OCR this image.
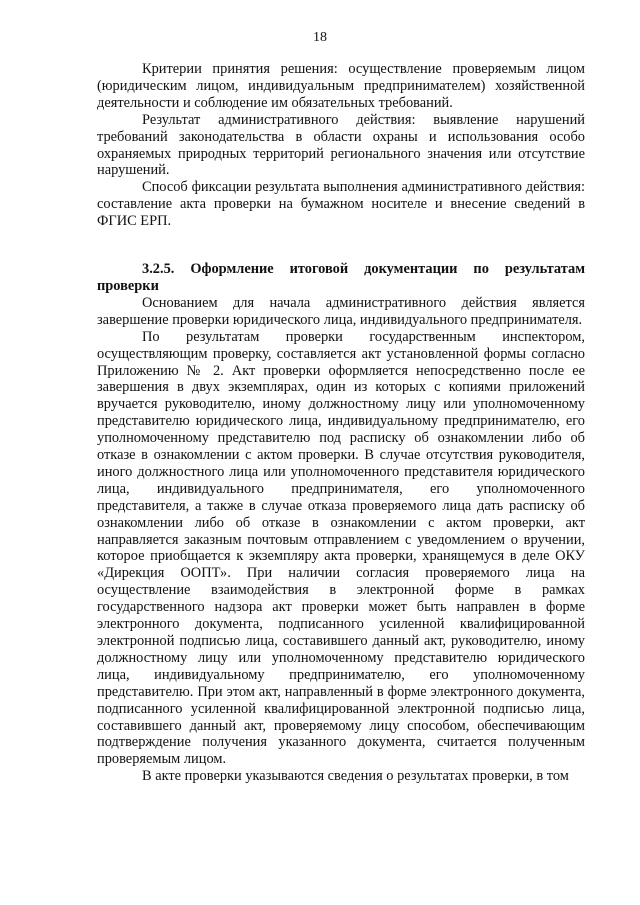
18

Критерии принятия решения: осуществление проверяемым лицом (юридическим лицом, индивидуальным предпринимателем) хозяйственной деятельности и соблюдение им обязательных требований.

Результат административного действия: выявление нарушений требований законодательства в области охраны и использования особо охраняемых природных территорий регионального значения или отсутствие нарушений.

Способ фиксации результата выполнения административного действия: составление акта проверки на бумажном носителе и внесение сведений в ФГИС ЕРП.

3.2.5. Оформление итоговой документации по результатам проверки

Основанием для начала административного действия является завершение проверки юридического лица, индивидуального предпринимателя.

По результатам проверки государственным инспектором, осуществляющим проверку, составляется акт установленной формы согласно Приложению № 2. Акт проверки оформляется непосредственно после ее завершения в двух экземплярах, один из которых с копиями приложений вручается руководителю, иному должностному лицу или уполномоченному представителю юридического лица, индивидуальному предпринимателю, его уполномоченному представителю под расписку об ознакомлении либо об отказе в ознакомлении с актом проверки. В случае отсутствия руководителя, иного должностного лица или уполномоченного представителя юридического лица, индивидуального предпринимателя, его уполномоченного представителя, а также в случае отказа проверяемого лица дать расписку об ознакомлении либо об отказе в ознакомлении с актом проверки, акт направляется заказным почтовым отправлением с уведомлением о вручении, которое приобщается к экземпляру акта проверки, хранящемуся в деле ОКУ «Дирекция ООПТ». При наличии согласия проверяемого лица на осуществление взаимодействия в электронной форме в рамках государственного надзора акт проверки может быть направлен в форме электронного документа, подписанного усиленной квалифицированной электронной подписью лица, составившего данный акт, руководителю, иному должностному лицу или уполномоченному представителю юридического лица, индивидуальному предпринимателю, его уполномоченному представителю. При этом акт, направленный в форме электронного документа, подписанного усиленной квалифицированной электронной подписью лица, составившего данный акт, проверяемому лицу способом, обеспечивающим подтверждение получения указанного документа, считается полученным проверяемым лицом.

В акте проверки указываются сведения о результатах проверки, в том
